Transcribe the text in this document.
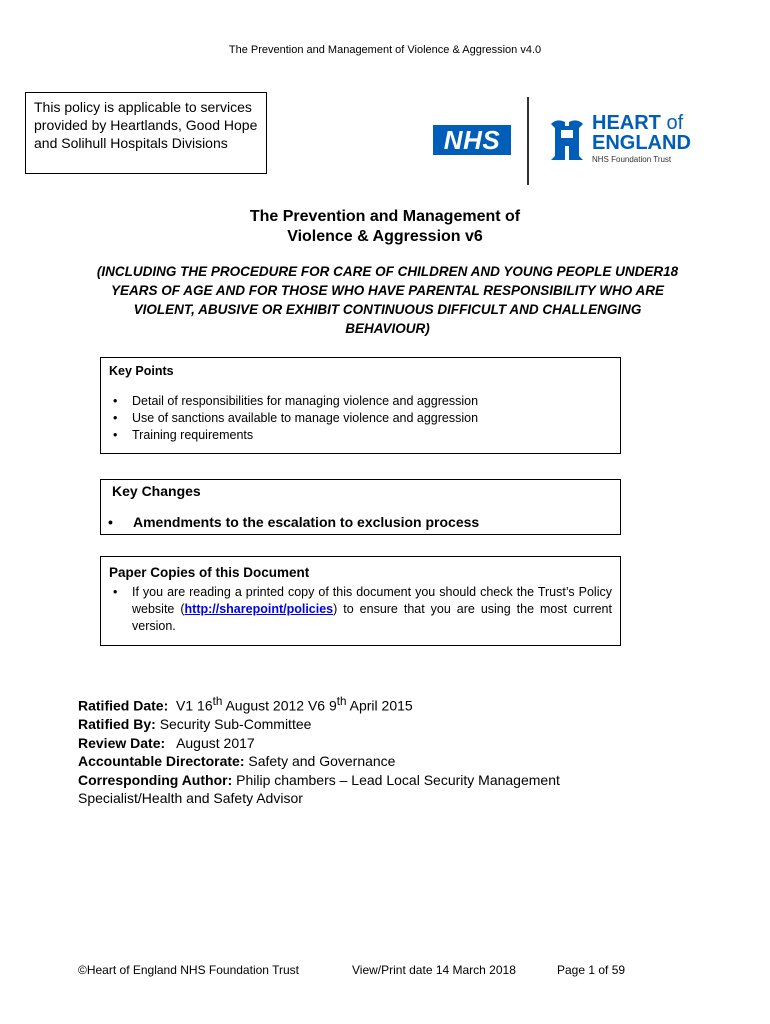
The Prevention and Management of Violence & Aggression v4.0
This policy is applicable to services provided by Heartlands, Good Hope and Solihull Hospitals Divisions	NHS
HEART of
ENGLAND
NHS Foundation Trust
The Prevention and Management of
Violence & Aggression v6
(INCLUDING THE PROCEDURE FOR CARE OF CHILDREN AND YOUNG PEOPLE UNDER18 YEARS OF AGE AND FOR THOSE WHO HAVE PARENTAL RESPONSIBILITY WHO ARE VIOLENT, ABUSIVE OR EXHIBIT CONTINUOUS DIFFICULT AND CHALLENGING BEHAVIOUR)
Key Points
• Detail of responsibilities for managing violence and aggression
• Use of sanctions available to manage violence and aggression
• Training requirements
Key Changes
• Amendments to the escalation to exclusion process
Paper Copies of this Document
• If you are reading a printed copy of this document you should check the Trust’s Policy website (http://sharepoint/policies) to ensure that you are using the most current version.
Ratified Date: V1 16th August 2012 V6 9th April 2015
Ratified By: Security Sub-Committee
Review Date: August 2017
Accountable Directorate: Safety and Governance
Corresponding Author: Philip chambers – Lead Local Security Management Specialist/Health and Safety Advisor
©Heart of England NHS Foundation Trust	View/Print date 14 March 2018	Page 1 of 59
